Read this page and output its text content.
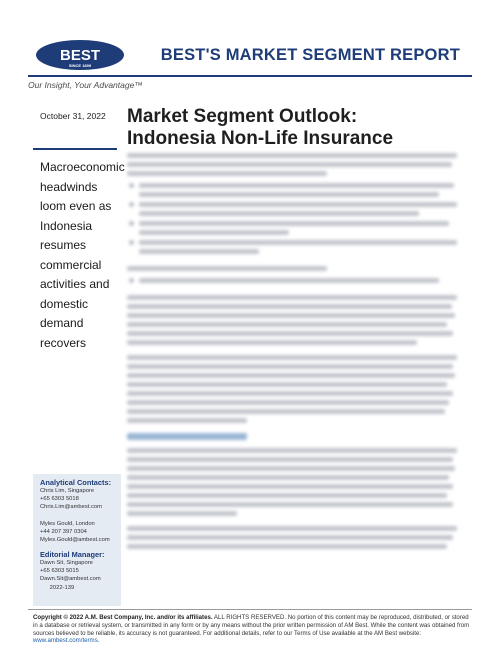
AM
BEST
SINCE 1899
BEST'S MARKET SEGMENT REPORT
Our Insight, Your Advantage™
October 31, 2022 Market Segment Outlook:
Indonesia Non-Life Insurance
Macroeconomic headwinds loom even as Indonesia resumes commercial activities and domestic demand recovers
Analytical Contacts:
Chris Lim, Singapore
+65 6303 5018
Chris.Lim@ambest.com

Myles Gould, London
+44 207 397 0304
Myles.Gould@ambest.com
Editorial Manager:
Dawn Sit, Singapore
+65 6303 5015
Dawn.Sit@ambest.com
2022-139
Copyright © 2022 A.M. Best Company, Inc. and/or its affiliates. ALL RIGHTS RESERVED. No portion of this content may be reproduced, distributed, or stored in a database or retrieval system, or transmitted in any form or by any means without the prior written permission of AM Best. While the content was obtained from sources believed to be reliable, its accuracy is not guaranteed. For additional details, refer to our Terms of Use available at the AM Best website: www.ambest.com/terms.
